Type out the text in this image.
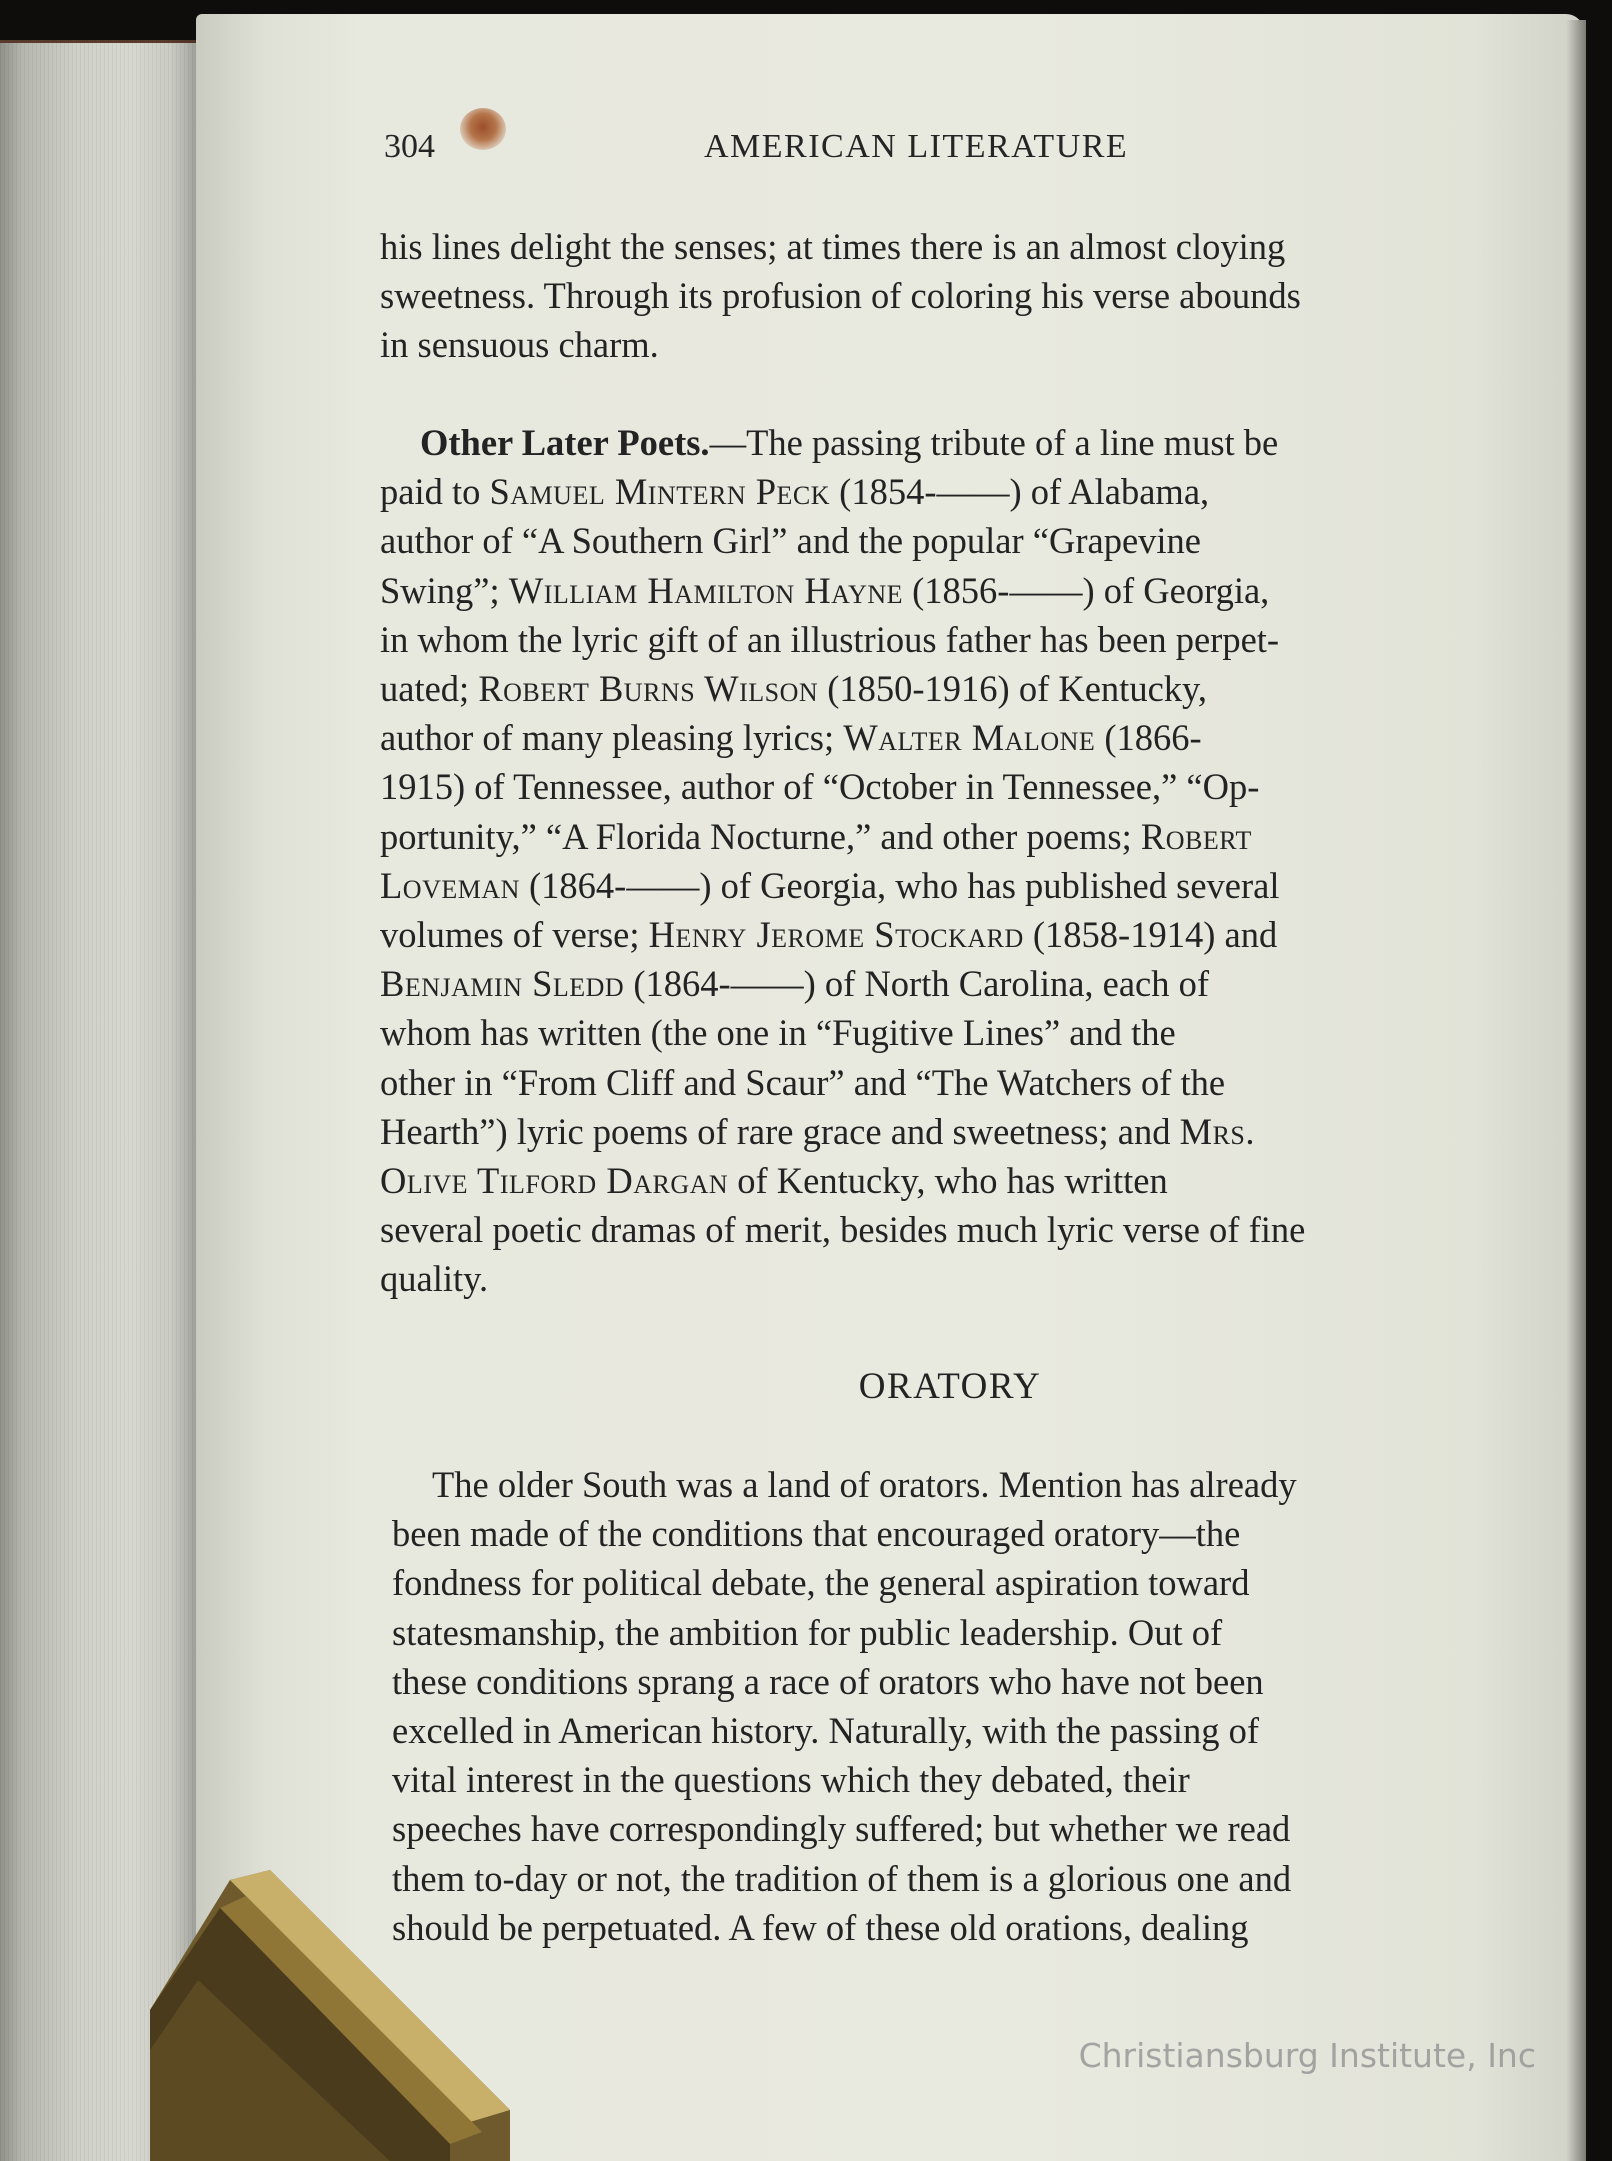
304	AMERICAN LITERATURE
his lines delight the senses; at times there is an almost cloying
sweetness. Through its profusion of coloring his verse abounds
in sensuous charm.
Other Later Poets.—The passing tribute of a line must be
paid to Samuel Mintern Peck (1854-——) of Alabama,
author of “A Southern Girl” and the popular “Grapevine
Swing”; William Hamilton Hayne (1856-——) of Georgia,
in whom the lyric gift of an illustrious father has been perpet-
uated; Robert Burns Wilson (1850-1916) of Kentucky,
author of many pleasing lyrics; Walter Malone (1866-
1915) of Tennessee, author of “October in Tennessee,” “Op-
portunity,” “A Florida Nocturne,” and other poems; Robert
Loveman (1864-——) of Georgia, who has published several
volumes of verse; Henry Jerome Stockard (1858-1914) and
Benjamin Sledd (1864-——) of North Carolina, each of
whom has written (the one in “Fugitive Lines” and the
other in “From Cliff and Scaur” and “The Watchers of the
Hearth”) lyric poems of rare grace and sweetness; and Mrs.
Olive Tilford Dargan of Kentucky, who has written
several poetic dramas of merit, besides much lyric verse of fine
quality.
ORATORY
The older South was a land of orators. Mention has already
been made of the conditions that encouraged oratory—the
fondness for political debate, the general aspiration toward
statesmanship, the ambition for public leadership. Out of
these conditions sprang a race of orators who have not been
excelled in American history. Naturally, with the passing of
vital interest in the questions which they debated, their
speeches have correspondingly suffered; but whether we read
them to-day or not, the tradition of them is a glorious one and
should be perpetuated. A few of these old orations, dealing
Christiansburg Institute, Inc
